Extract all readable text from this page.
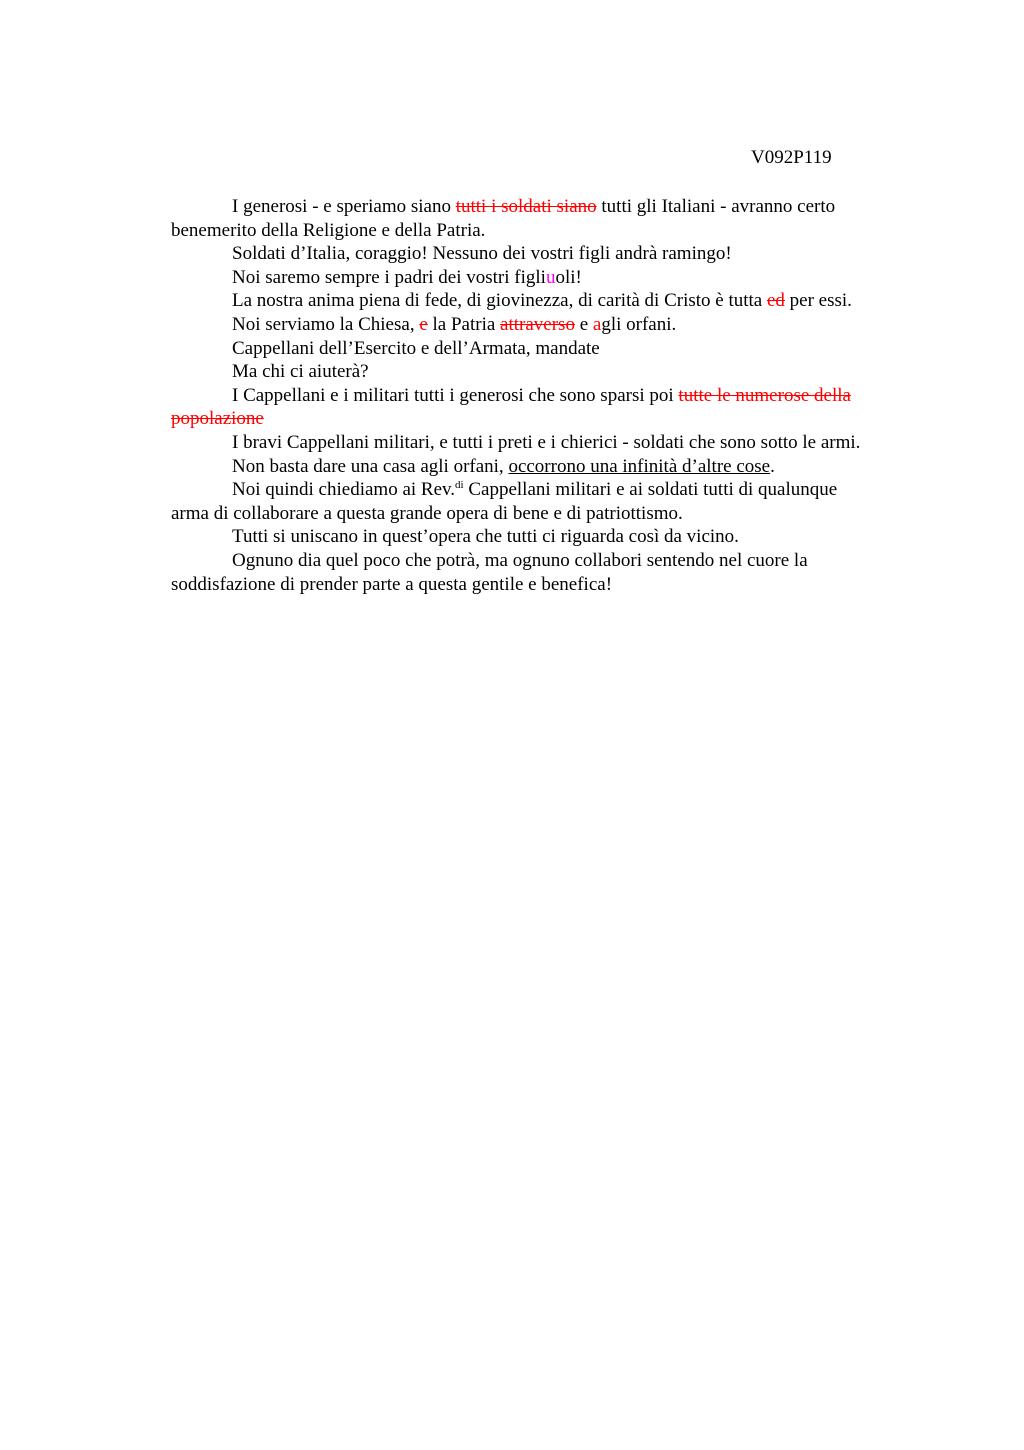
V092P119

I generosi - e speriamo siano tutti i soldati siano tutti gli Italiani - avranno certo
benemerito della Religione e della Patria.

Soldati d’Italia, coraggio! Nessuno dei vostri figli andrà ramingo!

Noi saremo sempre i padri dei vostri figliuoli!

La nostra anima piena di fede, di giovinezza, di carità di Cristo è tutta ed per essi.

Noi serviamo la Chiesa, e la Patria attraverso e agli orfani.

Cappellani dell’Esercito e dell’Armata, mandate

Ma chi ci aiuterà?

I Cappellani e i militari tutti i generosi che sono sparsi poi tutte le numerose della
popolazione

I bravi Cappellani militari, e tutti i preti e i chierici - soldati che sono sotto le armi.

Non basta dare una casa agli orfani, occorrono una infinità d’altre cose.

Noi quindi chiediamo ai Rev.$^{di}$ Cappellani militari e ai soldati tutti di qualunque
arma di collaborare a questa grande opera di bene e di patriottismo.

Tutti si uniscano in quest’opera che tutti ci riguarda così da vicino.

Ognuno dia quel poco che potrà, ma ognuno collabori sentendo nel cuore la
soddisfazione di prender parte a questa gentile e benefica!
